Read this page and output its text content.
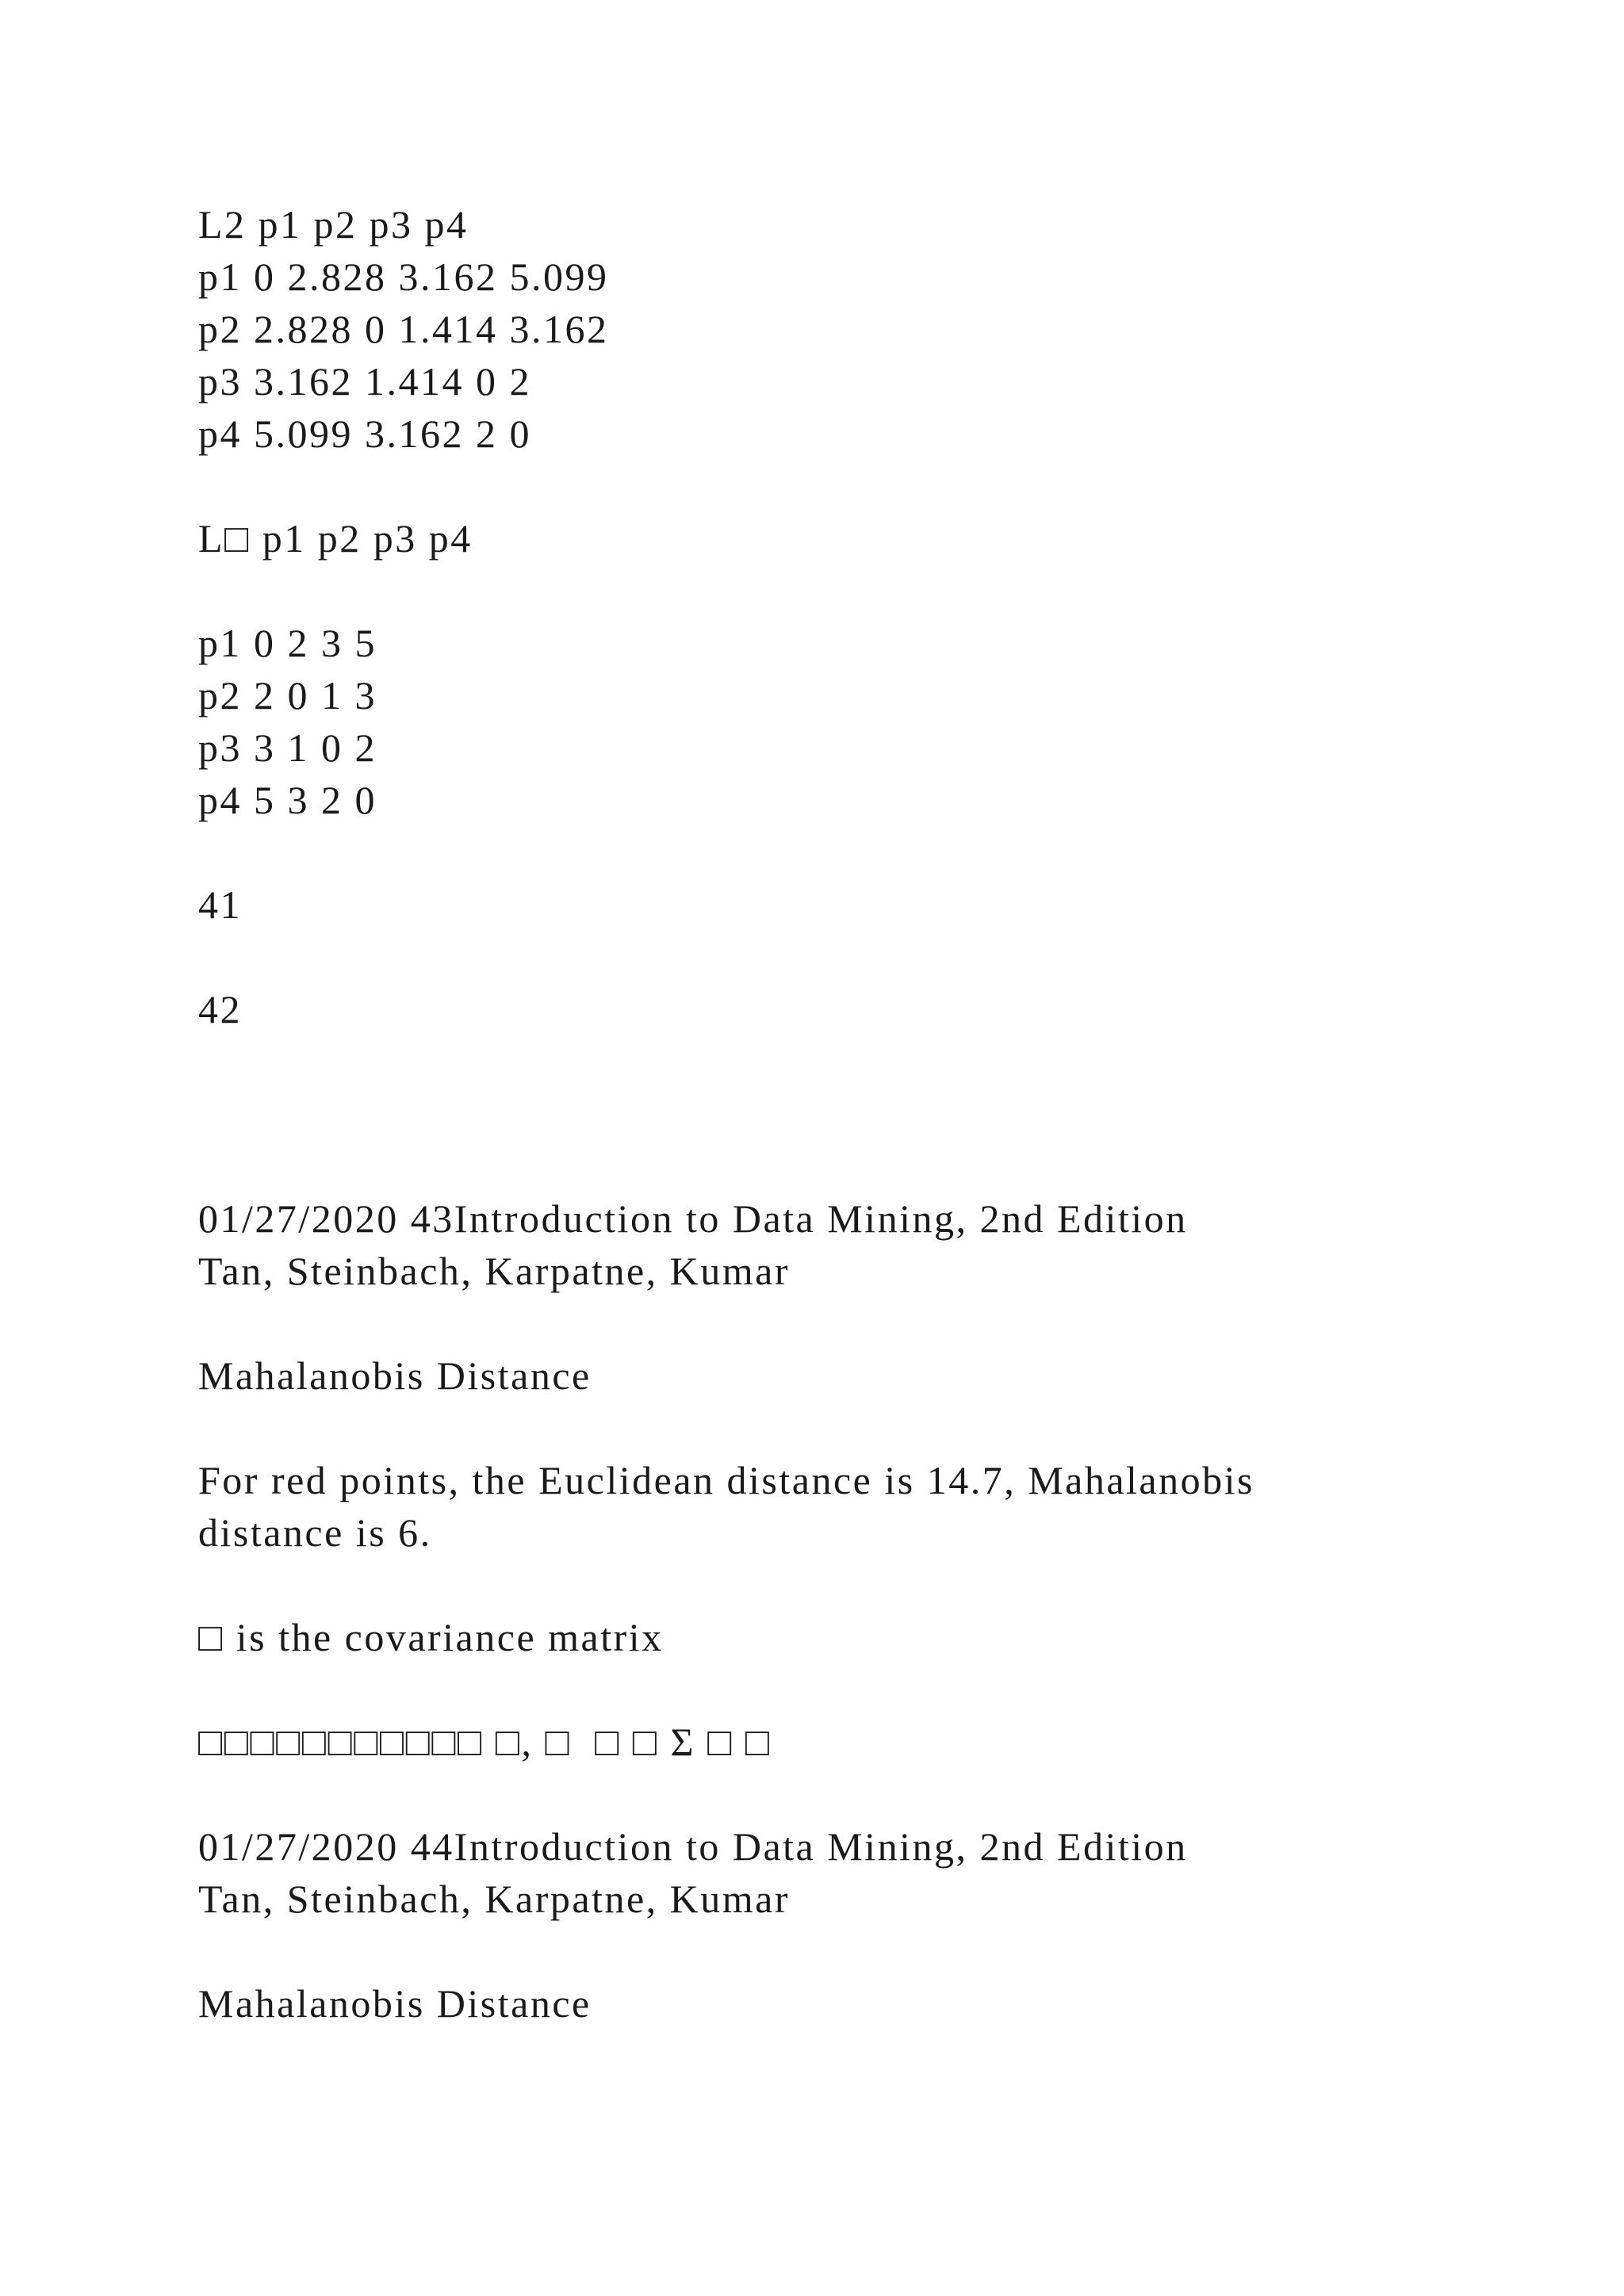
L2 p1 p2 p3 p4
p1 0 2.828 3.162 5.099
p2 2.828 0 1.414 3.162
p3 3.162 1.414 0 2
p4 5.099 3.162 2 0
L□ p1 p2 p3 p4
p1 0 2 3 5
p2 2 0 1 3
p3 3 1 0 2
p4 5 3 2 0
41
42
01/27/2020 43Introduction to Data Mining, 2nd Edition
Tan, Steinbach, Karpatne, Kumar
Mahalanobis Distance
For red points, the Euclidean distance is 14.7, Mahalanobis
distance is 6.
□ is the covariance matrix
□□□□□□□□□□□ □, □  □ □ Σ □ □
01/27/2020 44Introduction to Data Mining, 2nd Edition
Tan, Steinbach, Karpatne, Kumar
Mahalanobis Distance
